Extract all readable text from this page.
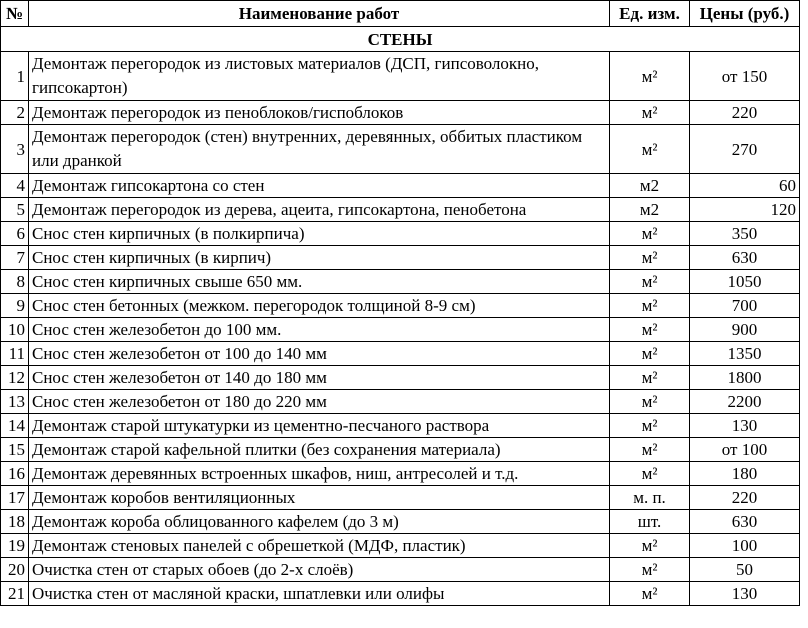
№	Наименование работ	Ед. изм.	Цены (руб.)
СТЕНЫ			
1	Демонтаж перегородок из листовых материалов (ДСП, гипсоволокно, гипсокартон)	м²	от 150
2	Демонтаж перегородок из пеноблоков/гиспоблоков	м²	220
3	Демонтаж перегородок (стен) внутренних, деревянных, оббитых пластиком или дранкой	м²	270
4	Демонтаж гипсокартона со стен	м2	60
5	Демонтаж перегородок из дерева, ацеита, гипсокартона, пенобетона	м2	120
6	Снос стен кирпичных (в полкирпича)	м²	350
7	Снос стен кирпичных (в кирпич)	м²	630
8	Снос стен кирпичных свыше 650 мм.	м²	1050
9	Снос стен бетонных (межком. перегородок толщиной 8-9 см)	м²	700
10	Снос стен железобетон до 100 мм.	м²	900
11	Снос стен железобетон от 100 до 140 мм	м²	1350
12	Снос стен железобетон от 140 до 180 мм	м²	1800
13	Снос стен железобетон от 180 до 220 мм	м²	2200
14	Демонтаж старой штукатурки из цементно-песчаного раствора	м²	130
15	Демонтаж старой кафельной плитки (без сохранения материала)	м²	от 100
16	Демонтаж деревянных встроенных шкафов, ниш, антресолей и т.д.	м²	180
17	Демонтаж коробов вентиляционных	м. п.	220
18	Демонтаж короба облицованного кафелем (до 3 м)	шт.	630
19	Демонтаж стеновых панелей с обрешеткой (МДФ, пластик)	м²	100
20	Очистка стен от старых обоев (до 2-х слоёв)	м²	50
21	Очистка стен от масляной краски, шпатлевки или олифы	м²	130
